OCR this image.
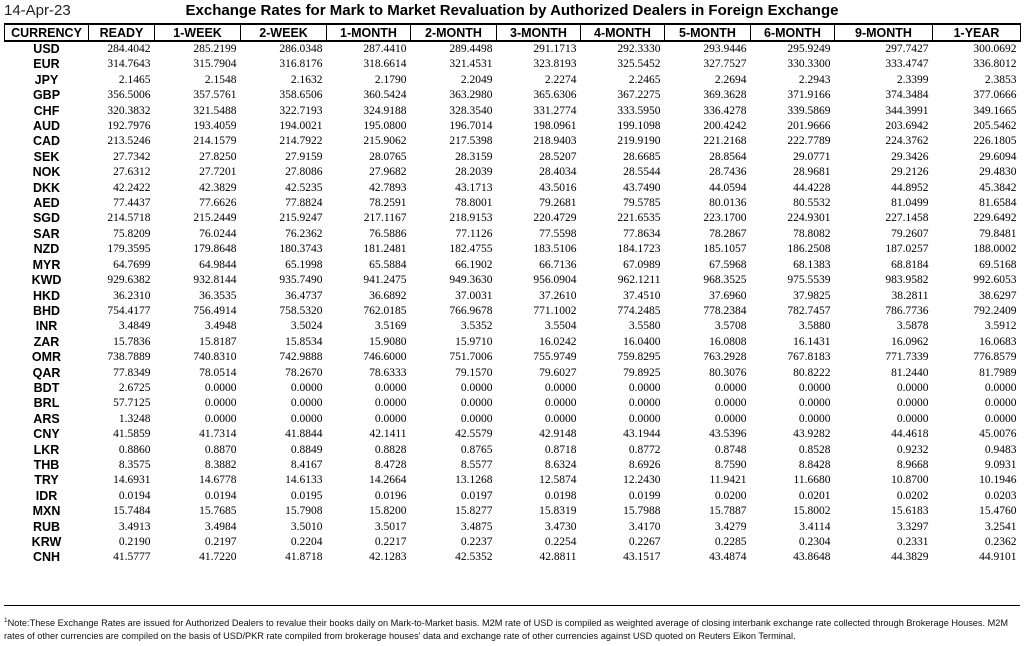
14-Apr-23	Exchange Rates for Mark to Market Revaluation by Authorized Dealers in Foreign Exchange
CURRENCY	READY	1-WEEK	2-WEEK	1-MONTH	2-MONTH	3-MONTH	4-MONTH	5-MONTH	6-MONTH	9-MONTH	1-YEAR
USD	284.4042	285.2199	286.0348	287.4410	289.4498	291.1713	292.3330	293.9446	295.9249	297.7427	300.0692
EUR	314.7643	315.7904	316.8176	318.6614	321.4531	323.8193	325.5452	327.7527	330.3300	333.4747	336.8012
JPY	2.1465	2.1548	2.1632	2.1790	2.2049	2.2274	2.2465	2.2694	2.2943	2.3399	2.3853
GBP	356.5006	357.5761	358.6506	360.5424	363.2980	365.6306	367.2275	369.3628	371.9166	374.3484	377.0666
CHF	320.3832	321.5488	322.7193	324.9188	328.3540	331.2774	333.5950	336.4278	339.5869	344.3991	349.1665
AUD	192.7976	193.4059	194.0021	195.0800	196.7014	198.0961	199.1098	200.4242	201.9666	203.6942	205.5462
CAD	213.5246	214.1579	214.7922	215.9062	217.5398	218.9403	219.9190	221.2168	222.7789	224.3762	226.1805
SEK	27.7342	27.8250	27.9159	28.0765	28.3159	28.5207	28.6685	28.8564	29.0771	29.3426	29.6094
NOK	27.6312	27.7201	27.8086	27.9682	28.2039	28.4034	28.5544	28.7436	28.9681	29.2126	29.4830
DKK	42.2422	42.3829	42.5235	42.7893	43.1713	43.5016	43.7490	44.0594	44.4228	44.8952	45.3842
AED	77.4437	77.6626	77.8824	78.2591	78.8001	79.2681	79.5785	80.0136	80.5532	81.0499	81.6584
SGD	214.5718	215.2449	215.9247	217.1167	218.9153	220.4729	221.6535	223.1700	224.9301	227.1458	229.6492
SAR	75.8209	76.0244	76.2362	76.5886	77.1126	77.5598	77.8634	78.2867	78.8082	79.2607	79.8481
NZD	179.3595	179.8648	180.3743	181.2481	182.4755	183.5106	184.1723	185.1057	186.2508	187.0257	188.0002
MYR	64.7699	64.9844	65.1998	65.5884	66.1902	66.7136	67.0989	67.5968	68.1383	68.8184	69.5168
KWD	929.6382	932.8144	935.7490	941.2475	949.3630	956.0904	962.1211	968.3525	975.5539	983.9582	992.6053
HKD	36.2310	36.3535	36.4737	36.6892	37.0031	37.2610	37.4510	37.6960	37.9825	38.2811	38.6297
BHD	754.4177	756.4914	758.5320	762.0185	766.9678	771.1002	774.2485	778.2384	782.7457	786.7736	792.2409
INR	3.4849	3.4948	3.5024	3.5169	3.5352	3.5504	3.5580	3.5708	3.5880	3.5878	3.5912
ZAR	15.7836	15.8187	15.8534	15.9080	15.9710	16.0242	16.0400	16.0808	16.1431	16.0962	16.0683
OMR	738.7889	740.8310	742.9888	746.6000	751.7006	755.9749	759.8295	763.2928	767.8183	771.7339	776.8579
QAR	77.8349	78.0514	78.2670	78.6333	79.1570	79.6027	79.8925	80.3076	80.8222	81.2440	81.7989
BDT	2.6725	0.0000	0.0000	0.0000	0.0000	0.0000	0.0000	0.0000	0.0000	0.0000	0.0000
BRL	57.7125	0.0000	0.0000	0.0000	0.0000	0.0000	0.0000	0.0000	0.0000	0.0000	0.0000
ARS	1.3248	0.0000	0.0000	0.0000	0.0000	0.0000	0.0000	0.0000	0.0000	0.0000	0.0000
CNY	41.5859	41.7314	41.8844	42.1411	42.5579	42.9148	43.1944	43.5396	43.9282	44.4618	45.0076
LKR	0.8860	0.8870	0.8849	0.8828	0.8765	0.8718	0.8772	0.8748	0.8528	0.9232	0.9483
THB	8.3575	8.3882	8.4167	8.4728	8.5577	8.6324	8.6926	8.7590	8.8428	8.9668	9.0931
TRY	14.6931	14.6778	14.6133	14.2664	13.1268	12.5874	12.2430	11.9421	11.6680	10.8700	10.1946
IDR	0.0194	0.0194	0.0195	0.0196	0.0197	0.0198	0.0199	0.0200	0.0201	0.0202	0.0203
MXN	15.7484	15.7685	15.7908	15.8200	15.8277	15.8319	15.7988	15.7887	15.8002	15.6183	15.4760
RUB	3.4913	3.4984	3.5010	3.5017	3.4875	3.4730	3.4170	3.4279	3.4114	3.3297	3.2541
KRW	0.2190	0.2197	0.2204	0.2217	0.2237	0.2254	0.2267	0.2285	0.2304	0.2331	0.2362
CNH	41.5777	41.7220	41.8718	42.1283	42.5352	42.8811	43.1517	43.4874	43.8648	44.3829	44.9101
$^1$Note:These Exchange Rates are issued for Authorized Dealers to revalue their books daily on Mark-to-Market basis. M2M rate of USD is compiled as weighted average of closing interbank exchange rate collected through Brokerage Houses. M2M rates of other currencies are compiled on the basis of USD/PKR rate compiled from brokerage houses' data and exchange rate of other currencies against USD quoted on Reuters Eikon Terminal.
